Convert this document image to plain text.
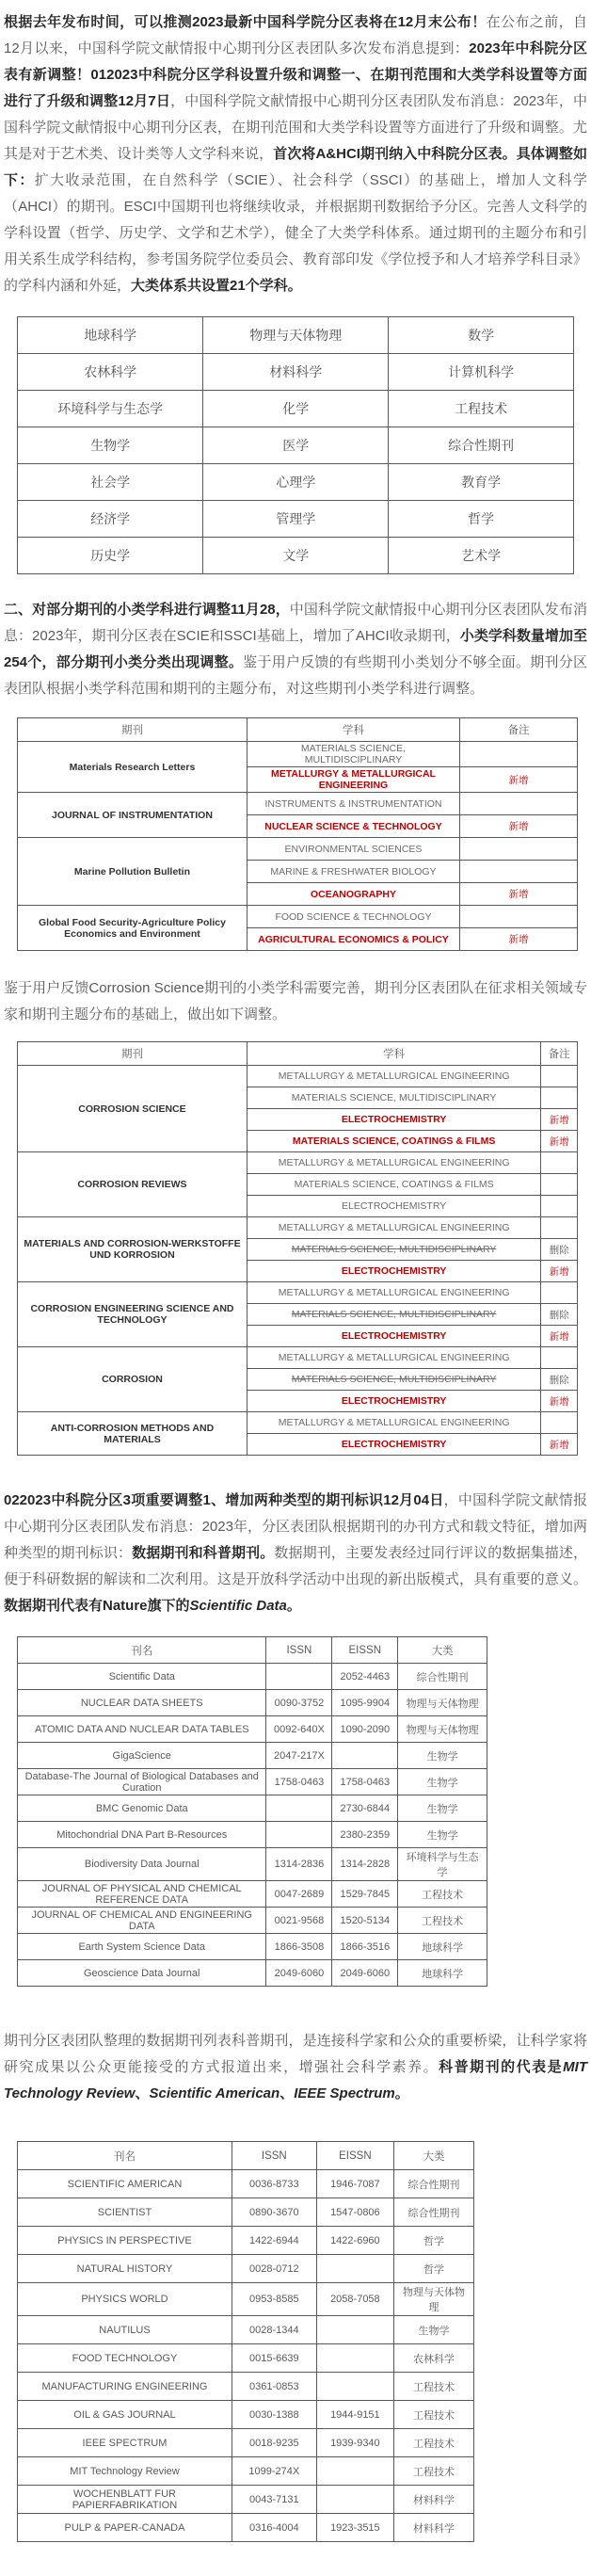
根据去年发布时间，可以推测2023最新中国科学院分区表将在12月末公布！在公布之前，自12月以来，中国科学院文献情报中心期刊分区表团队多次发布消息提到：2023年中科院分区表有新调整！012023中科院分区学科设置升级和调整一、在期刊范围和大类学科设置等方面进行了升级和调整12月7日，中国科学院文献情报中心期刊分区表团队发布消息：2023年，中国科学院文献情报中心期刊分区表，在期刊范围和大类学科设置等方面进行了升级和调整。尤其是对于艺术类、设计类等人文学科来说，首次将A&HCI期刊纳入中科院分区表。具体调整如下：扩大收录范围，在自然科学（SCIE）、社会科学（SSCI）的基础上，增加人文科学（AHCI）的期刊。ESCI中国期刊也将继续收录，并根据期刊数据给予分区。完善人文科学的学科设置（哲学、历史学、文学和艺术学），健全了大类学科体系。通过期刊的主题分布和引用关系生成学科结构，参考国务院学位委员会、教育部印发《学位授予和人才培养学科目录》的学科内涵和外延，大类体系共设置21个学科。

地球科学	物理与天体物理	数学
农林科学	材料科学	计算机科学
环境科学与生态学	化学	工程技术
生物学	医学	综合性期刊
社会学	心理学	教育学
经济学	管理学	哲学
历史学	文学	艺术学

二、对部分期刊的小类学科进行调整11月28，中国科学院文献情报中心期刊分区表团队发布消息：2023年，期刊分区表在SCIE和SSCI基础上，增加了AHCI收录期刊，小类学科数量增加至254个，部分期刊小类分类出现调整。鉴于用户反馈的有些期刊小类划分不够全面。期刊分区表团队根据小类学科范围和期刊的主题分布，对这些期刊小类学科进行调整。

期刊	学科	备注
Materials Research Letters	MATERIALS SCIENCE, MULTIDISCIPLINARY	
	METALLURGY & METALLURGICAL ENGINEERING	新增
JOURNAL OF INSTRUMENTATION	INSTRUMENTS & INSTRUMENTATION	
	NUCLEAR SCIENCE & TECHNOLOGY	新增
Marine Pollution Bulletin	ENVIRONMENTAL SCIENCES	
	MARINE & FRESHWATER BIOLOGY	
	OCEANOGRAPHY	新增
Global Food Security-Agriculture Policy Economics and Environment	FOOD SCIENCE & TECHNOLOGY	
	AGRICULTURAL ECONOMICS & POLICY	新增

鉴于用户反馈Corrosion Science期刊的小类学科需要完善，期刊分区表团队在征求相关领域专家和期刊主题分布的基础上，做出如下调整。

期刊	学科	备注
CORROSION SCIENCE	METALLURGY & METALLURGICAL ENGINEERING	
	MATERIALS SCIENCE, MULTIDISCIPLINARY	
	ELECTROCHEMISTRY	新增
	MATERIALS SCIENCE, COATINGS & FILMS	新增
CORROSION REVIEWS	METALLURGY & METALLURGICAL ENGINEERING	
	MATERIALS SCIENCE, COATINGS & FILMS	
	ELECTROCHEMISTRY	
MATERIALS AND CORROSION-WERKSTOFFE UND KORROSION	METALLURGY & METALLURGICAL ENGINEERING	
	MATERIALS SCIENCE, MULTIDISCIPLINARY	删除
	ELECTROCHEMISTRY	新增
CORROSION ENGINEERING SCIENCE AND TECHNOLOGY	METALLURGY & METALLURGICAL ENGINEERING	
	MATERIALS SCIENCE, MULTIDISCIPLINARY	删除
	ELECTROCHEMISTRY	新增
CORROSION	METALLURGY & METALLURGICAL ENGINEERING	
	MATERIALS SCIENCE, MULTIDISCIPLINARY	删除
	ELECTROCHEMISTRY	新增
ANTI-CORROSION METHODS AND MATERIALS	METALLURGY & METALLURGICAL ENGINEERING	
	ELECTROCHEMISTRY	新增

022023中科院分区3项重要调整1、增加两种类型的期刊标识12月04日，中国科学院文献情报中心期刊分区表团队发布消息：2023年，分区表团队根据期刊的办刊方式和载文特征，增加两种类型的期刊标识：数据期刊和科普期刊。数据期刊，主要发表经过同行评议的数据集描述，便于科研数据的解读和二次利用。这是开放科学活动中出现的新出版模式，具有重要的意义。数据期刊代表有Nature旗下的Scientific Data。

刊名	ISSN	EISSN	大类
Scientific Data		2052-4463	综合性期刊
NUCLEAR DATA SHEETS	0090-3752	1095-9904	物理与天体物理
ATOMIC DATA AND NUCLEAR DATA TABLES	0092-640X	1090-2090	物理与天体物理
GigaScience	2047-217X		生物学
Database-The Journal of Biological Databases and Curation	1758-0463	1758-0463	生物学
BMC Genomic Data		2730-6844	生物学
Mitochondrial DNA Part B-Resources		2380-2359	生物学
Biodiversity Data Journal	1314-2836	1314-2828	环境科学与生态学
JOURNAL OF PHYSICAL AND CHEMICAL REFERENCE DATA	0047-2689	1529-7845	工程技术
JOURNAL OF CHEMICAL AND ENGINEERING DATA	0021-9568	1520-5134	工程技术
Earth System Science Data	1866-3508	1866-3516	地球科学
Geoscience Data Journal	2049-6060	2049-6060	地球科学

期刊分区表团队整理的数据期刊列表科普期刊，是连接科学家和公众的重要桥梁，让科学家将研究成果以公众更能接受的方式报道出来，增强社会科学素养。科普期刊的代表是MIT Technology Review、Scientific American、IEEE Spectrum。

刊名	ISSN	EISSN	大类
SCIENTIFIC AMERICAN	0036-8733	1946-7087	综合性期刊
SCIENTIST	0890-3670	1547-0806	综合性期刊
PHYSICS IN PERSPECTIVE	1422-6944	1422-6960	哲学
NATURAL HISTORY	0028-0712		哲学
PHYSICS WORLD	0953-8585	2058-7058	物理与天体物理
NAUTILUS	0028-1344		生物学
FOOD TECHNOLOGY	0015-6639		农林科学
MANUFACTURING ENGINEERING	0361-0853		工程技术
OIL & GAS JOURNAL	0030-1388	1944-9151	工程技术
IEEE SPECTRUM	0018-9235	1939-9340	工程技术
MIT Technology Review	1099-274X		工程技术
WOCHENBLATT FUR PAPIERFABRIKATION	0043-7131		材料科学
PULP & PAPER-CANADA	0316-4004	1923-3515	材料科学
